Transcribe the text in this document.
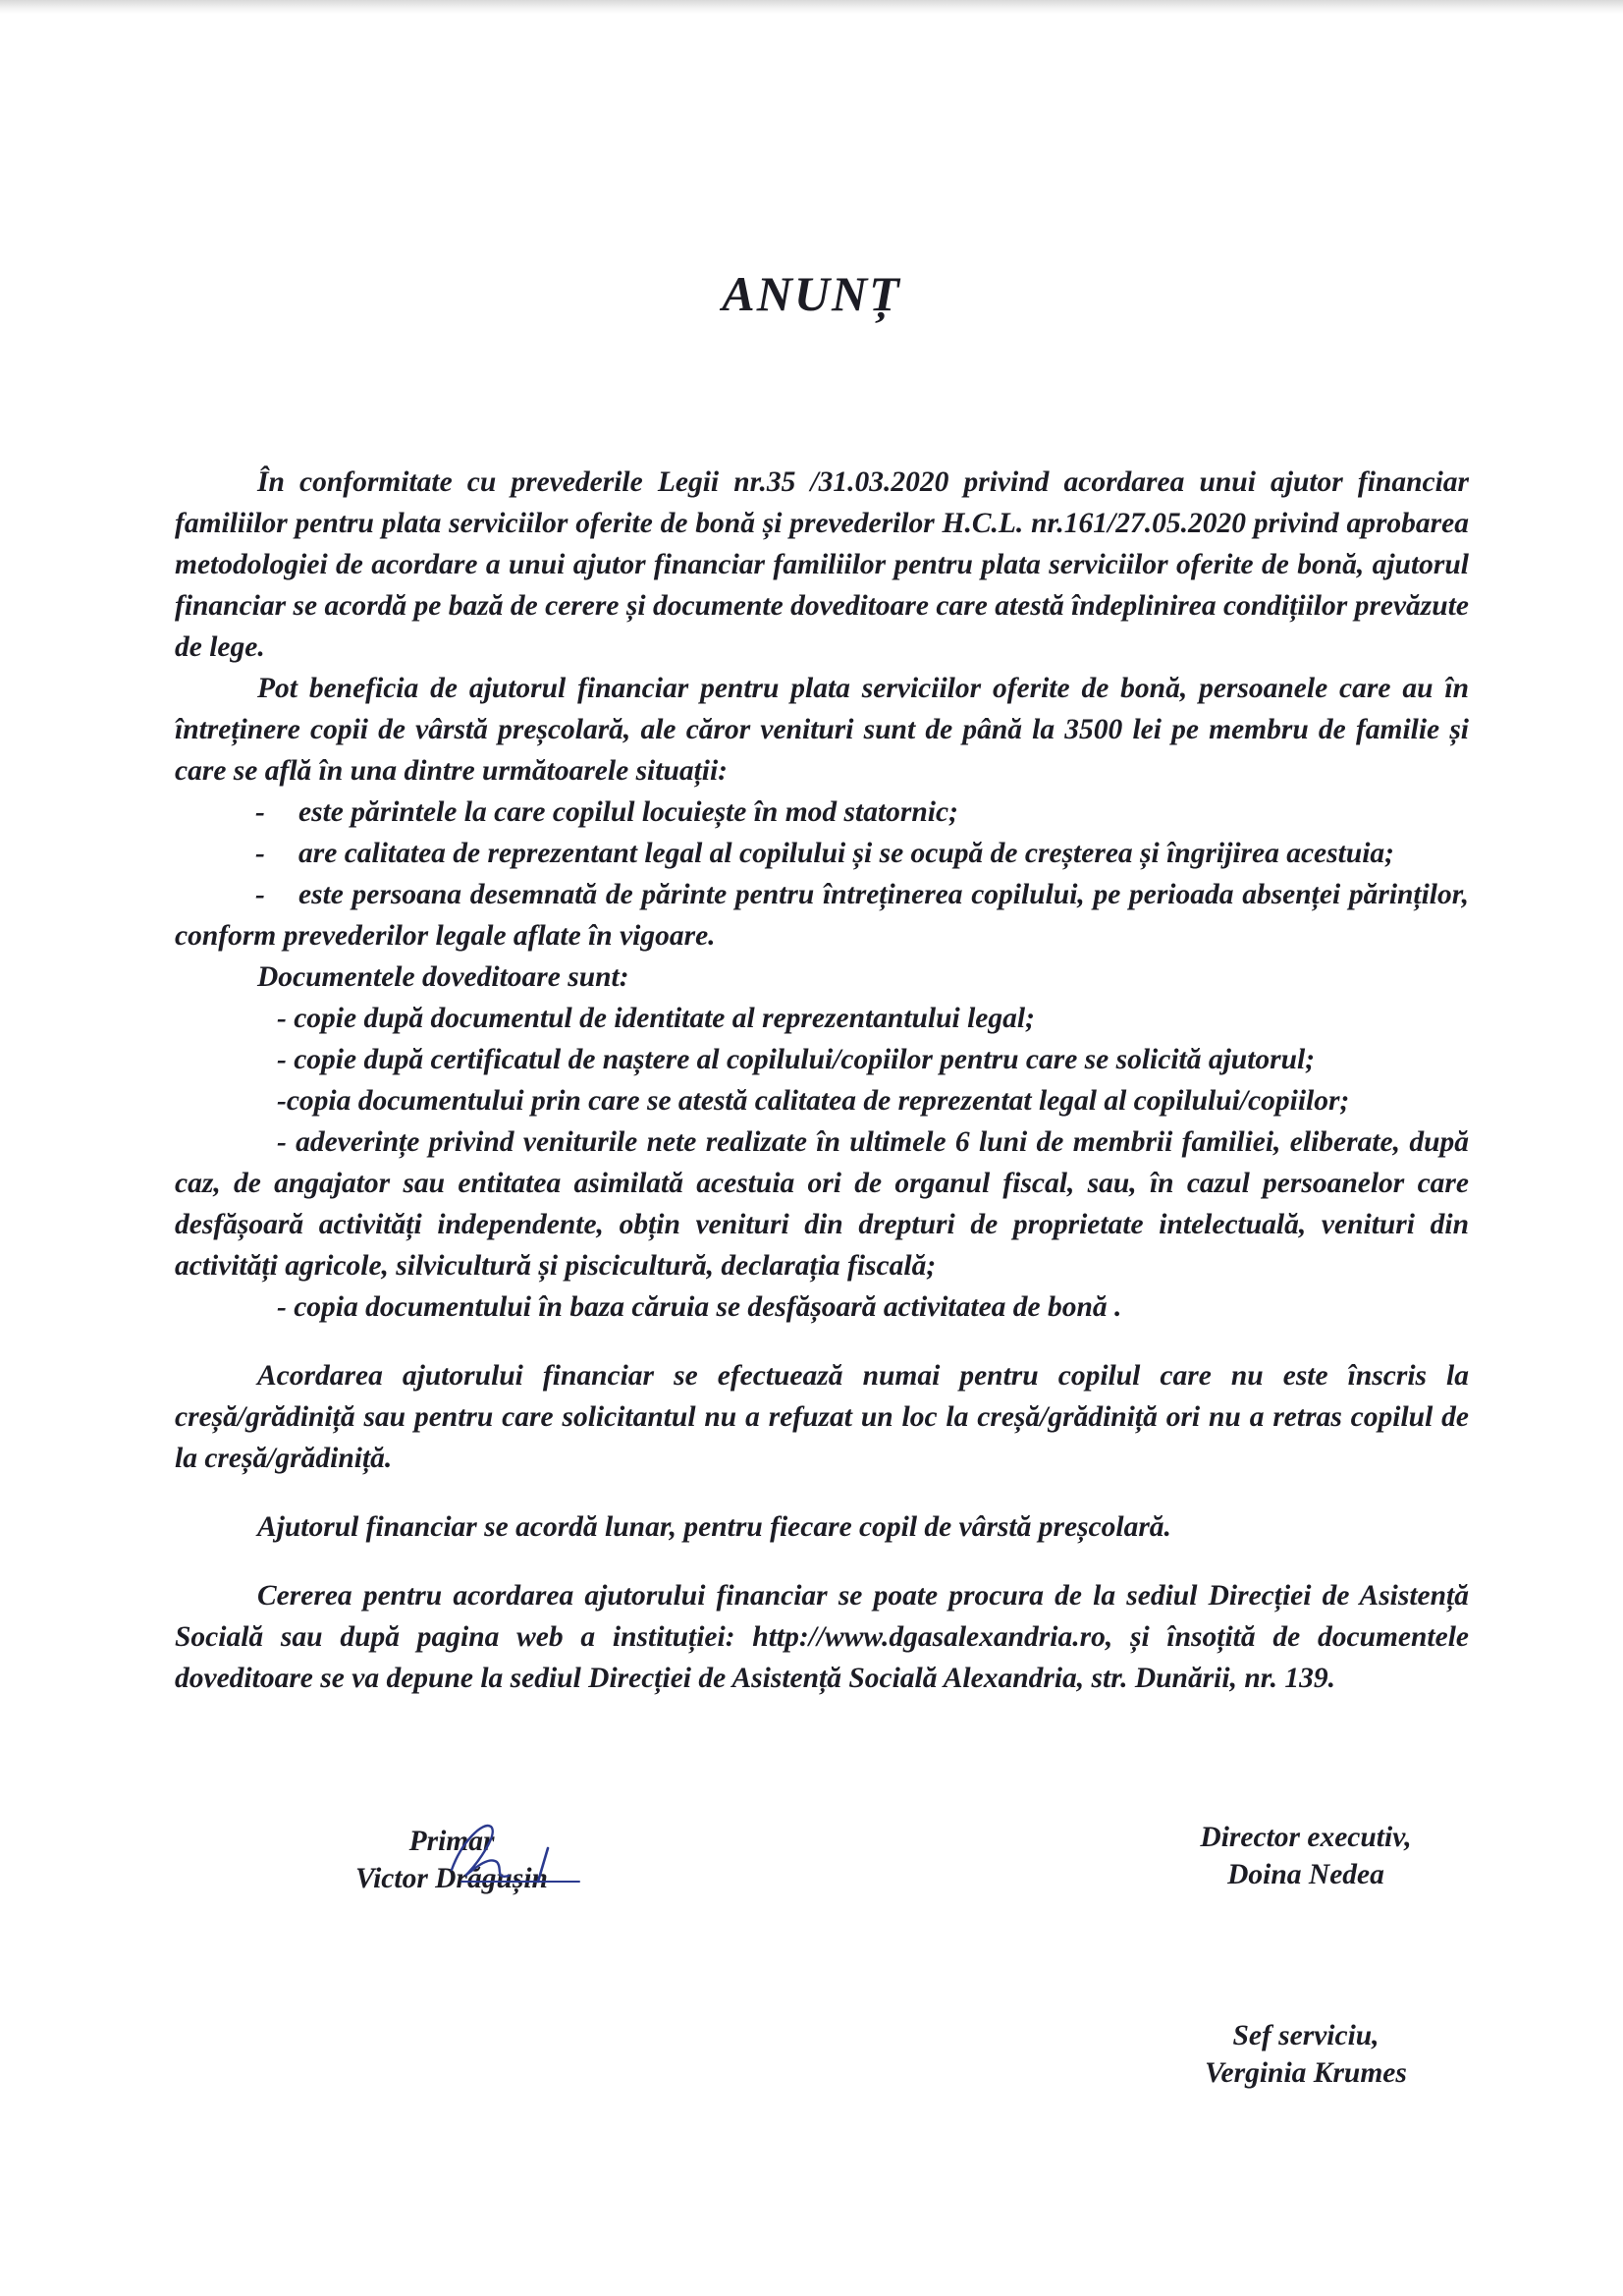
ANUNȚ

În conformitate cu prevederile Legii nr.35 /31.03.2020 privind acordarea unui ajutor financiar familiilor pentru plata serviciilor oferite de bonă și prevederilor H.C.L. nr.161/27.05.2020 privind aprobarea metodologiei de acordare a unui ajutor financiar familiilor pentru plata serviciilor oferite de bonă, ajutorul financiar se acordă pe bază de cerere și documente doveditoare care atestă îndeplinirea condițiilor prevăzute de lege.

Pot beneficia de ajutorul financiar pentru plata serviciilor oferite de bonă, persoanele care au în întreținere copii de vârstă preșcolară, ale căror venituri sunt de până la 3500 lei pe membru de familie și care se află în una dintre următoarele situații:

- este părintele la care copilul locuiește în mod statornic;

- are calitatea de reprezentant legal al copilului și se ocupă de creșterea și îngrijirea acestuia;

- este persoana desemnată de părinte pentru întreținerea copilului, pe perioada absenței părinților, conform prevederilor legale aflate în vigoare.

Documentele doveditoare sunt:

- copie după documentul de identitate al reprezentantului legal;

- copie după certificatul de naștere al copilului/copiilor pentru care se solicită ajutorul;

-copia documentului prin care se atestă calitatea de reprezentat legal al copilului/copiilor;

- adeverințe privind veniturile nete realizate în ultimele 6 luni de membrii familiei, eliberate, după caz, de angajator sau entitatea asimilată acestuia ori de organul fiscal, sau, în cazul persoanelor care desfășoară activități independente, obțin venituri din drepturi de proprietate intelectuală, venituri din activități agricole, silvicultură și piscicultură, declarația fiscală;

- copia documentului în baza căruia se desfășoară activitatea de bonă .

Acordarea ajutorului financiar se efectuează numai pentru copilul care nu este înscris la creșă/grădiniță sau pentru care solicitantul nu a refuzat un loc la creșă/grădiniță ori nu a retras copilul de la creșă/grădiniță.

Ajutorul financiar se acordă lunar, pentru fiecare copil de vârstă preșcolară.

Cererea pentru acordarea ajutorului financiar se poate procura de la sediul Direcției de Asistență Socială sau după pagina web a instituției: http://www.dgasalexandria.ro, și însoțită de documentele doveditoare se va depune la sediul Direcției de Asistență Socială Alexandria, str. Dunării, nr. 139.

Primar

Victor Drăgușin

Director executiv,

Doina Nedea

Sef serviciu,

Verginia Krumes
